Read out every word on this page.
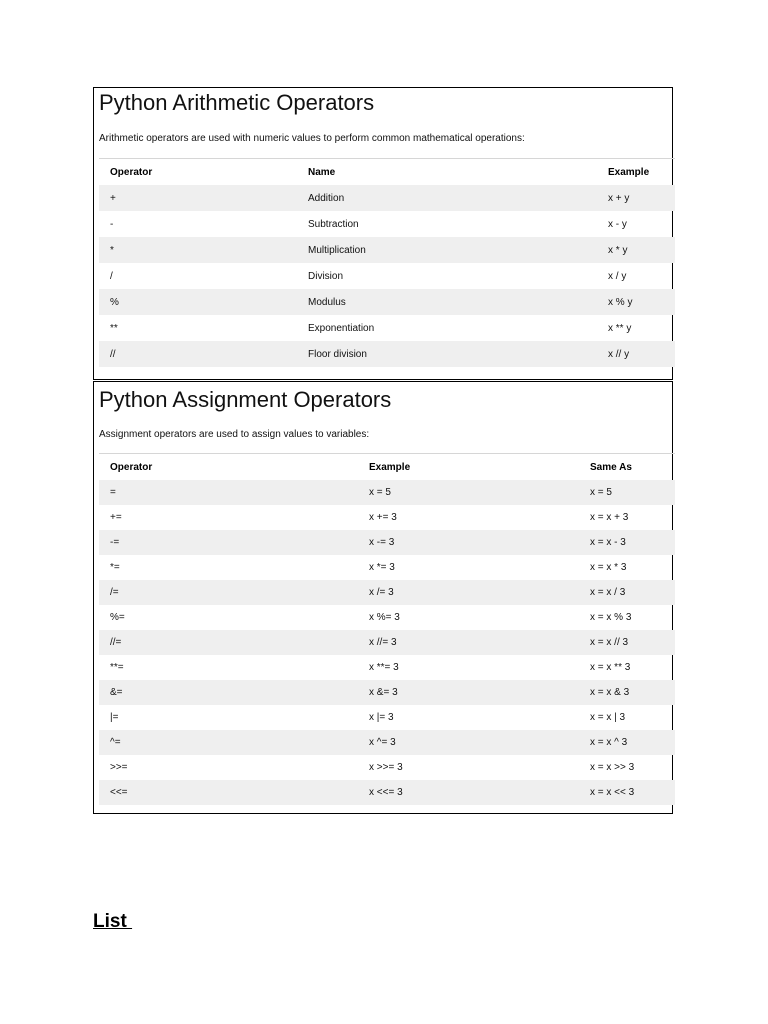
Python Arithmetic Operators

Arithmetic operators are used with numeric values to perform common mathematical operations:

Operator	Name	Example
+	Addition	x + y
-	Subtraction	x - y
*	Multiplication	x * y
/	Division	x / y
%	Modulus	x % y
**	Exponentiation	x ** y
//	Floor division	x // y
Python Assignment Operators

Assignment operators are used to assign values to variables:

Operator	Example	Same As
=	x = 5	x = 5
+=	x += 3	x = x + 3
-=	x -= 3	x = x - 3
*=	x *= 3	x = x * 3
/=	x /= 3	x = x / 3
%=	x %= 3	x = x % 3
//=	x //= 3	x = x // 3
**=	x **= 3	x = x ** 3
&=	x &= 3	x = x & 3
|=	x |= 3	x = x | 3
^=	x ^= 3	x = x ^ 3
>>=	x >>= 3	x = x >> 3
<<=	x <<= 3	x = x << 3
List
